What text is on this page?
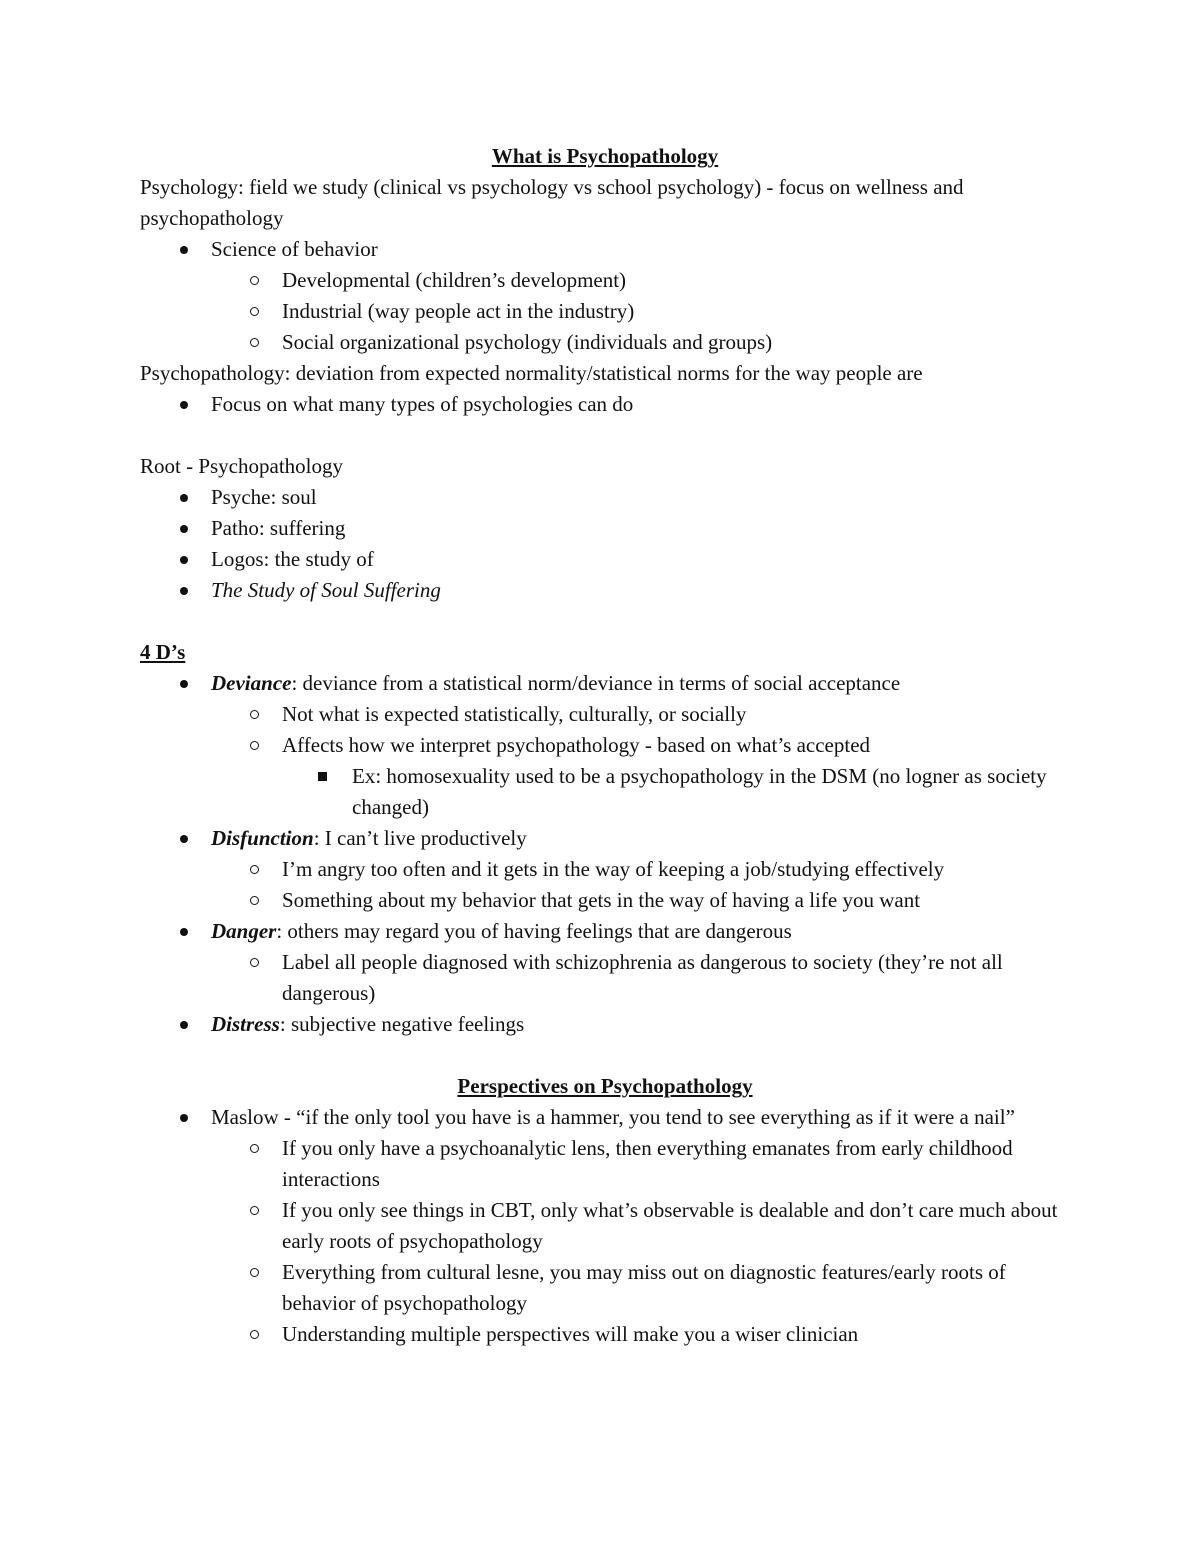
What is Psychopathology

Psychology: field we study (clinical vs psychology vs school psychology) - focus on wellness and psychopathology

Science of behavior
Developmental (children’s development)
Industrial (way people act in the industry)
Social organizational psychology (individuals and groups)

Psychopathology: deviation from expected normality/statistical norms for the way people are

Focus on what many types of psychologies can do

Root - Psychopathology

Psyche: soul
Patho: suffering
Logos: the study of
The Study of Soul Suffering

4 D’s

Deviance: deviance from a statistical norm/deviance in terms of social acceptance
Not what is expected statistically, culturally, or socially
Affects how we interpret psychopathology - based on what’s accepted
Ex: homosexuality used to be a psychopathology in the DSM (no logner as society changed)
Disfunction: I can’t live productively
I’m angry too often and it gets in the way of keeping a job/studying effectively
Something about my behavior that gets in the way of having a life you want
Danger: others may regard you of having feelings that are dangerous
Label all people diagnosed with schizophrenia as dangerous to society (they’re not all dangerous)
Distress: subjective negative feelings

Perspectives on Psychopathology

Maslow - “if the only tool you have is a hammer, you tend to see everything as if it were a nail”
If you only have a psychoanalytic lens, then everything emanates from early childhood interactions
If you only see things in CBT, only what’s observable is dealable and don’t care much about early roots of psychopathology
Everything from cultural lesne, you may miss out on diagnostic features/early roots of behavior of psychopathology
Understanding multiple perspectives will make you a wiser clinician
